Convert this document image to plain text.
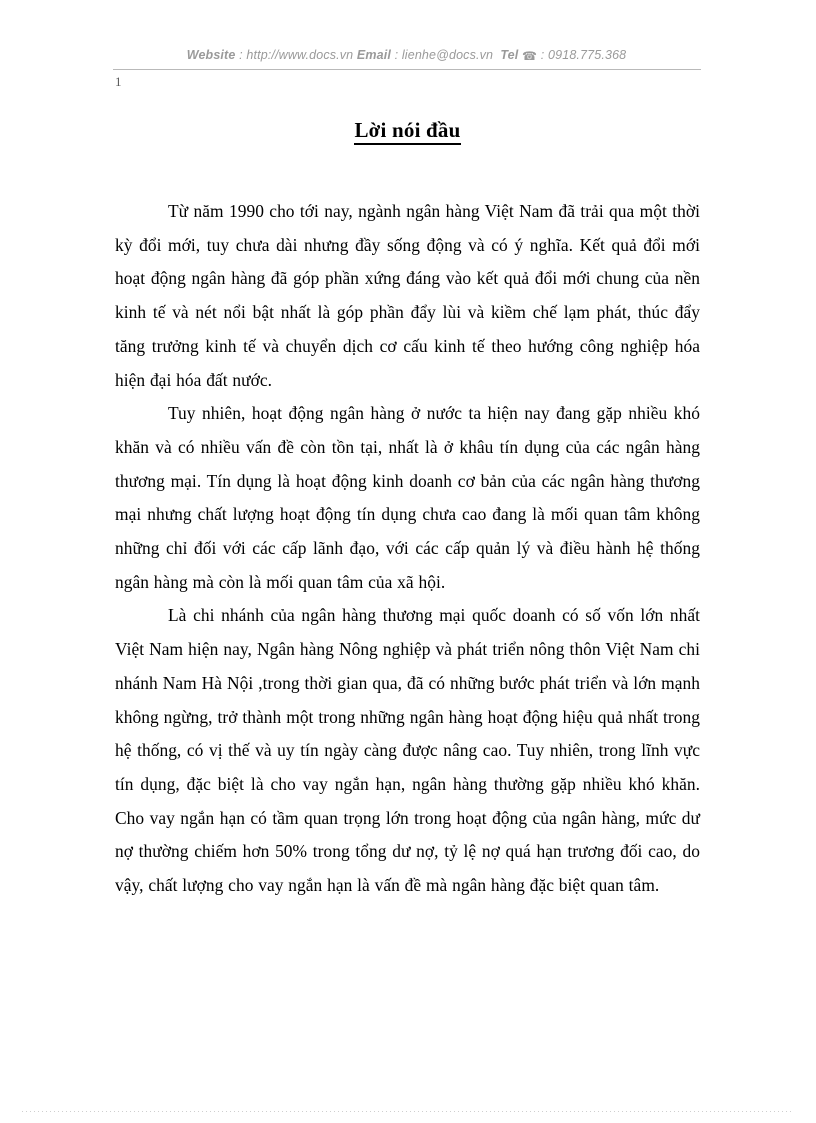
Website : http://www.docs.vn Email : lienhe@docs.vn Tel ☎ : 0918.775.368
1
Lời nói đầu

Từ năm 1990 cho tới nay, ngành ngân hàng Việt Nam đã trải qua một thời kỳ đổi mới, tuy chưa dài nhưng đầy sống động và có ý nghĩa. Kết quả đổi mới hoạt động ngân hàng đã góp phần xứng đáng vào kết quả đổi mới chung của nền kinh tế và nét nổi bật nhất là góp phần đẩy lùi và kiềm chế lạm phát, thúc đẩy tăng trưởng kinh tế và chuyển dịch cơ cấu kinh tế theo hướng công nghiệp hóa hiện đại hóa đất nước.

Tuy nhiên, hoạt động ngân hàng ở nước ta hiện nay đang gặp nhiều khó khăn và có nhiều vấn đề còn tồn tại, nhất là ở khâu tín dụng của các ngân hàng thương mại. Tín dụng là hoạt động kinh doanh cơ bản của các ngân hàng thương mại nhưng chất lượng hoạt động tín dụng chưa cao đang là mối quan tâm không những chỉ đối với các cấp lãnh đạo, với các cấp quản lý và điều hành hệ thống ngân hàng mà còn là mối quan tâm của xã hội.

Là chi nhánh của ngân hàng thương mại quốc doanh có số vốn lớn nhất Việt Nam hiện nay, Ngân hàng Nông nghiệp và phát triển nông thôn Việt Nam chi nhánh Nam Hà Nội ,trong thời gian qua, đã có những bước phát triển và lớn mạnh không ngừng, trở thành một trong những ngân hàng hoạt động hiệu quả nhất trong hệ thống, có vị thế và uy tín ngày càng được nâng cao. Tuy nhiên, trong lĩnh vực tín dụng, đặc biệt là cho vay ngắn hạn, ngân hàng thường gặp nhiều khó khăn. Cho vay ngắn hạn có tầm quan trọng lớn trong hoạt động của ngân hàng, mức dư nợ thường chiếm hơn 50% trong tổng dư nợ, tỷ lệ nợ quá hạn trương đối cao, do vậy, chất lượng cho vay ngắn hạn là vấn đề mà ngân hàng đặc biệt quan tâm.
